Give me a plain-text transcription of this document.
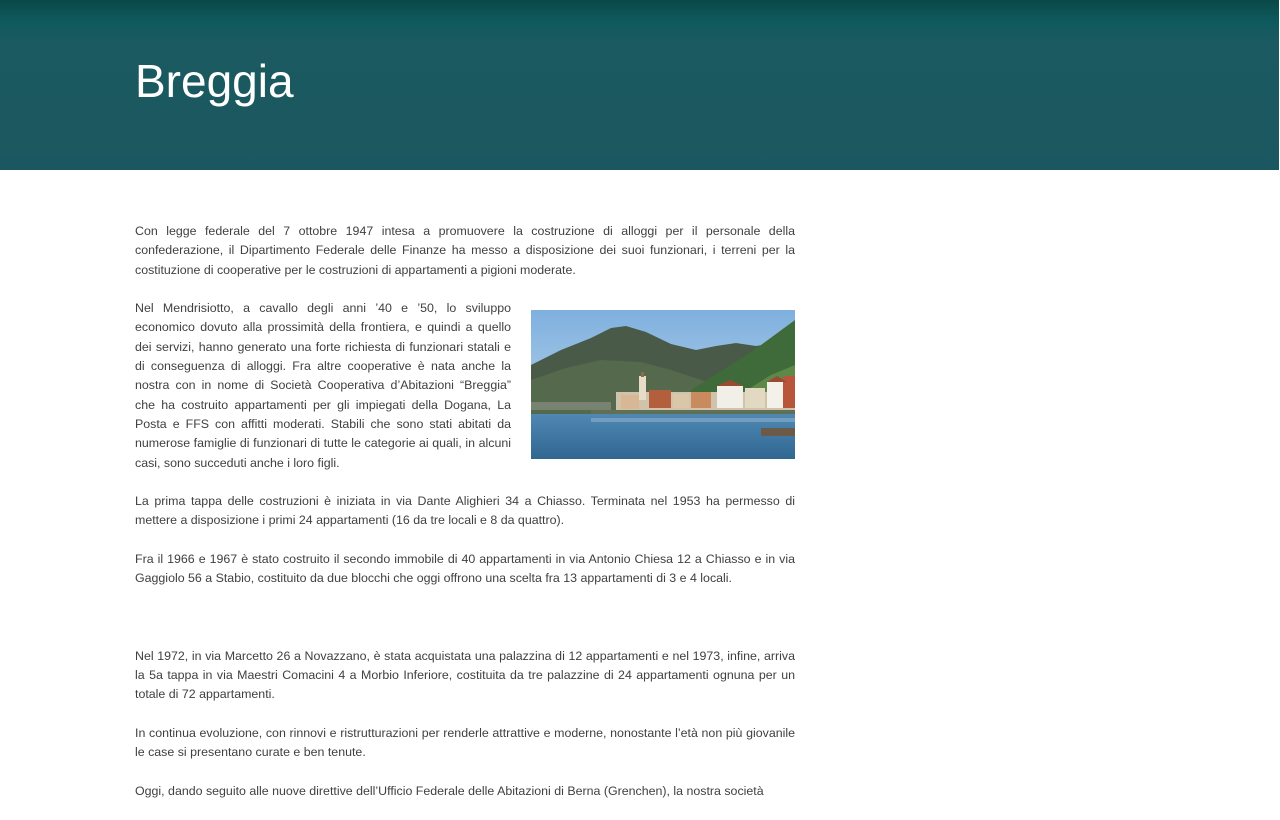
Breggia

Con legge federale del 7 ottobre 1947 intesa a promuovere la costruzione di alloggi per il personale della confederazione, il Dipartimento Federale delle Finanze ha messo a disposizione dei suoi funzionari, i terreni per la costituzione di cooperative per le costruzioni di appartamenti a pigioni moderate.

Nel Mendrisiotto, a cavallo degli anni ’40 e ’50, lo sviluppo economico dovuto alla prossimità della frontiera, e quindi a quello dei servizi, hanno generato una forte richiesta di funzionari statali e di conseguenza di alloggi. Fra altre cooperative è nata anche la nostra con in nome di Società Cooperativa d’Abitazioni “Breggia” che ha costruito appartamenti per gli impiegati della Dogana, La Posta e FFS con affitti moderati. Stabili che sono stati abitati da numerose famiglie di funzionari di tutte le categorie ai quali, in alcuni casi, sono succeduti anche i loro figli.

La prima tappa delle costruzioni è iniziata in via Dante Alighieri 34 a Chiasso. Terminata nel 1953 ha permesso di mettere a disposizione i primi 24 appartamenti (16 da tre locali e 8 da quattro).

Fra il 1966 e 1967 è stato costruito il secondo immobile di 40 appartamenti in via Antonio Chiesa 12 a Chiasso e in via Gaggiolo 56 a Stabio, costituito da due blocchi che oggi offrono una scelta fra 13 appartamenti di 3 e 4 locali.

Nel 1972, in via Marcetto 26 a Novazzano, è stata acquistata una palazzina di 12 appartamenti e nel 1973, infine, arriva la 5a tappa in via Maestri Comacini 4 a Morbio Inferiore, costituita da tre palazzine di 24 appartamenti ognuna per un totale di 72 appartamenti.

In continua evoluzione, con rinnovi e ristrutturazioni per renderle attrattive e moderne, nonostante l’età non più giovanile le case si presentano curate e ben tenute.

Oggi, dando seguito alle nuove direttive dell’Ufficio Federale delle Abitazioni di Berna (Grenchen), la nostra società
